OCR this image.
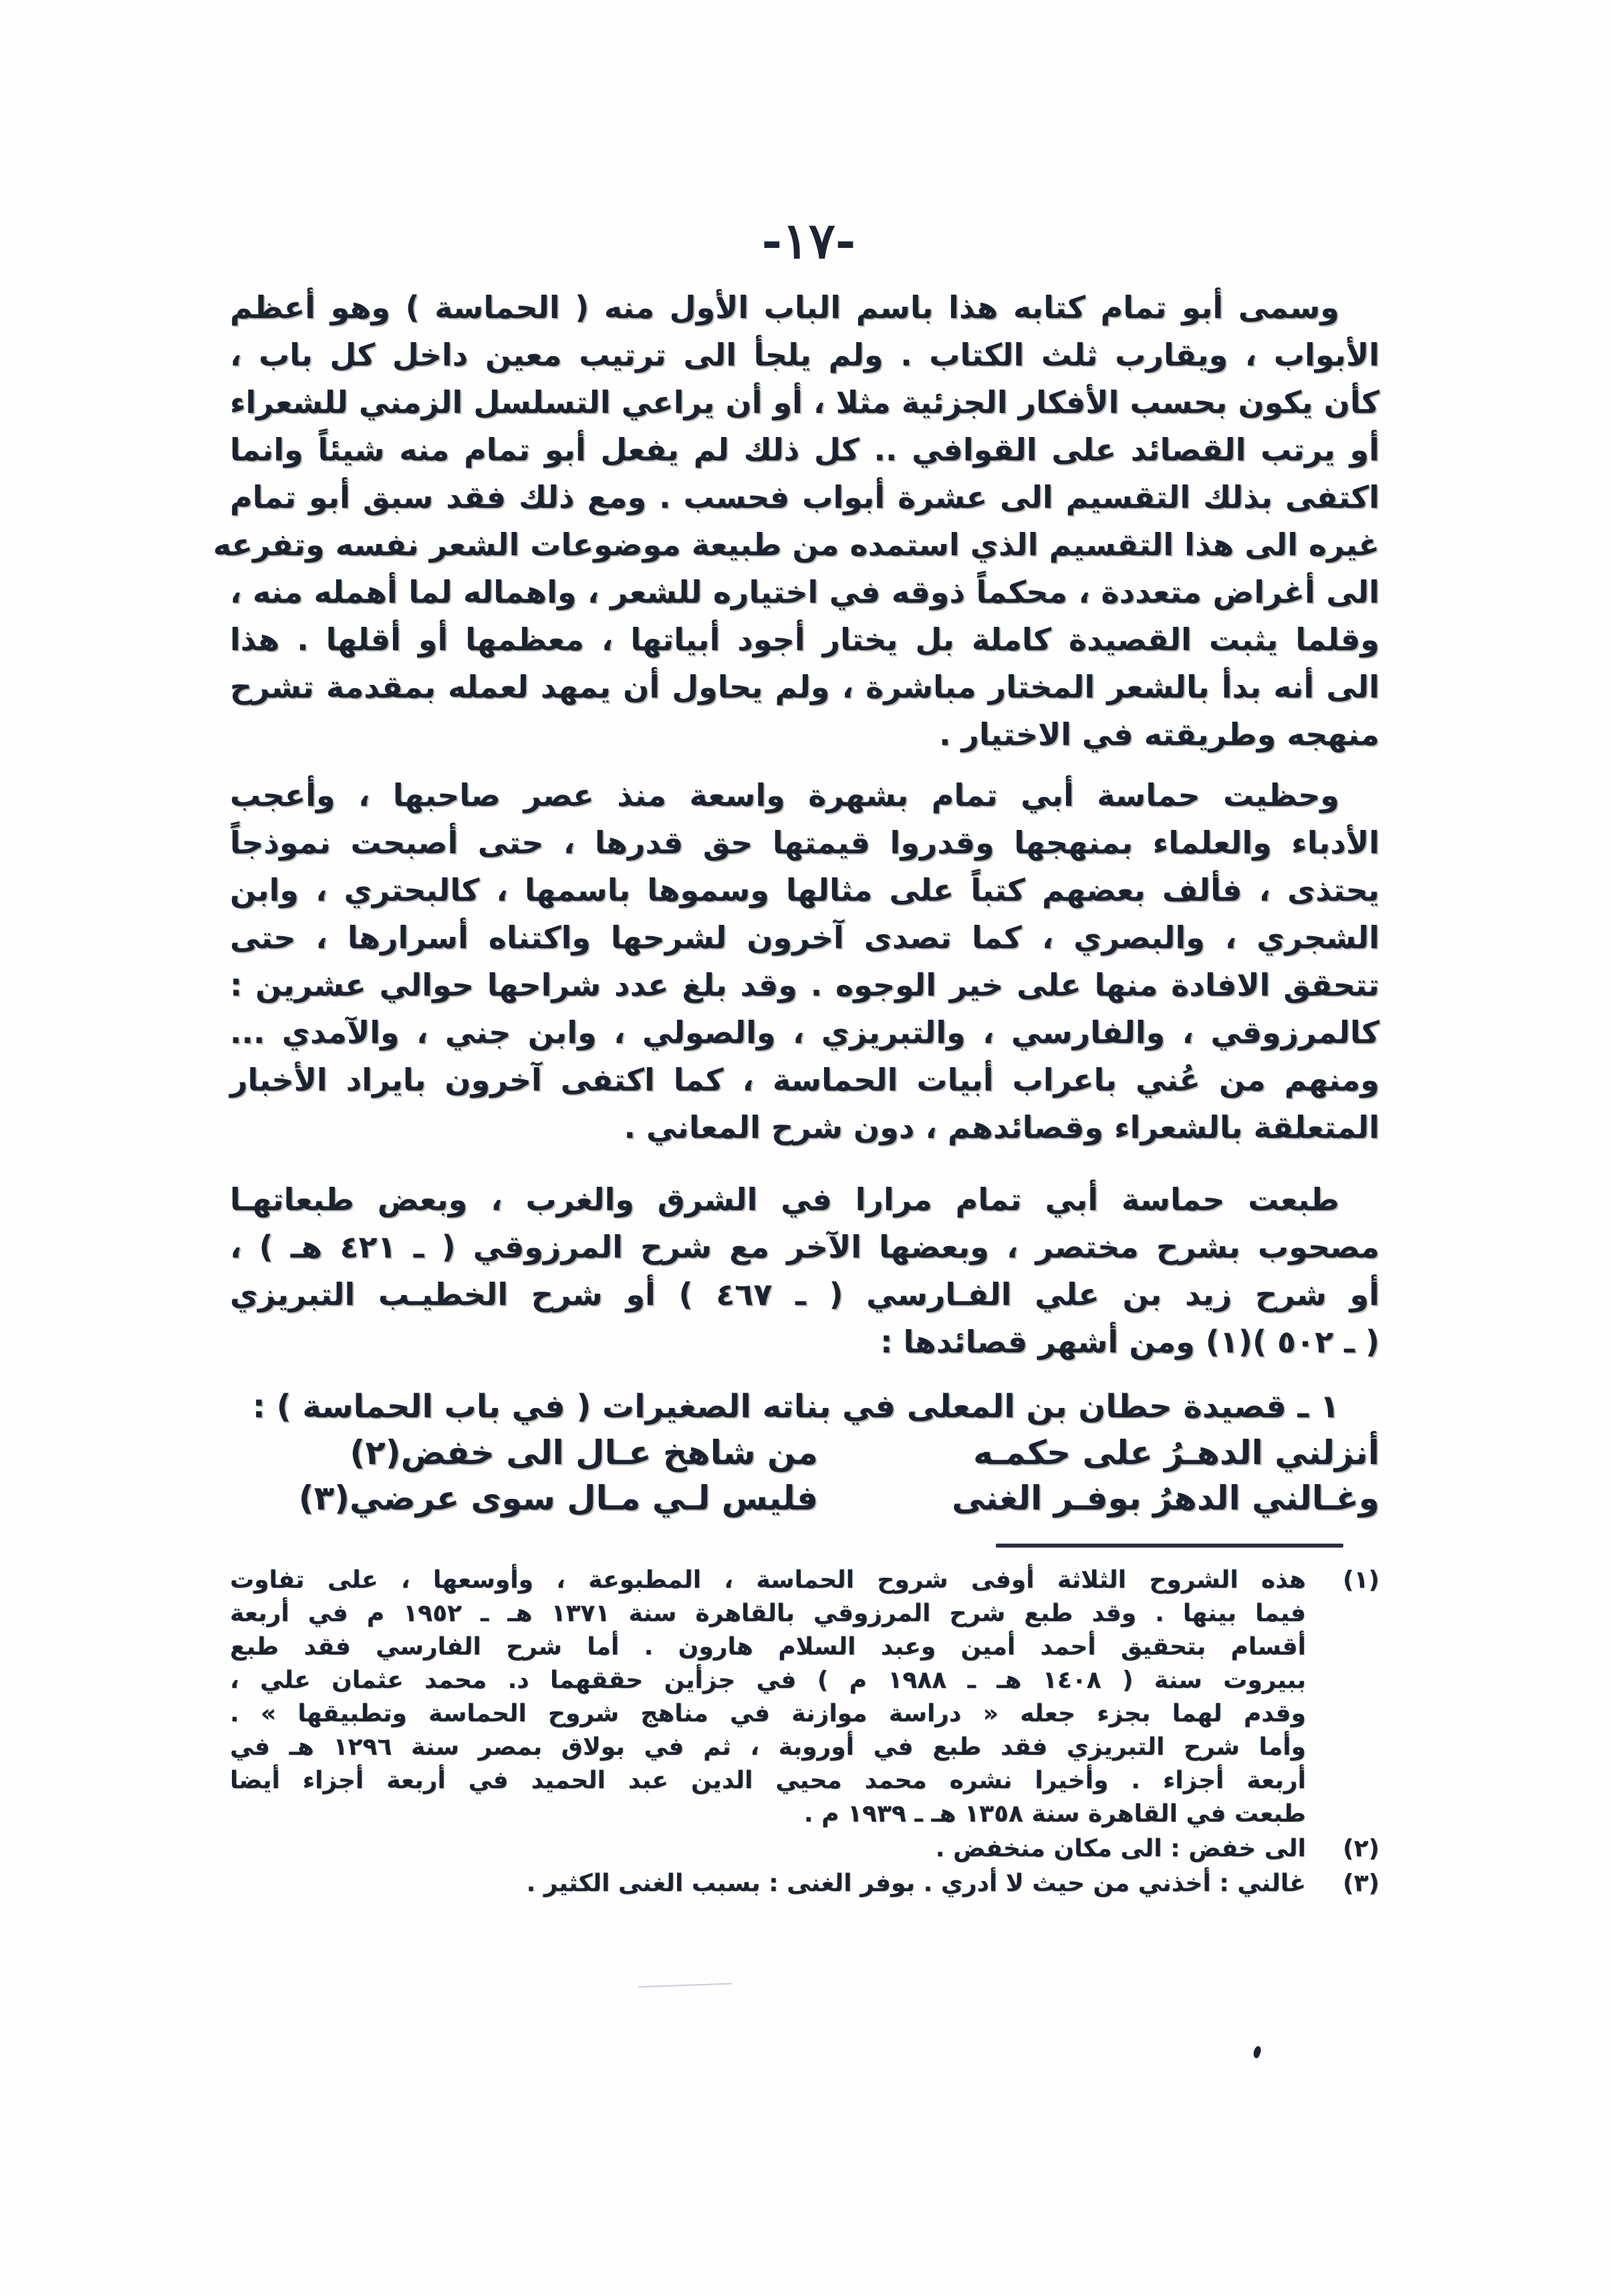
-١٧-
وسمى أبو تمام كتابه هذا باسم الباب الأول منه ( الحماسة ) وهو أعظم
الأبواب ، ويقارب ثلث الكتاب . ولم يلجأ الى ترتيب معين داخل كل باب ،
كأن يكون بحسب الأفكار الجزئية مثلا ، أو أن يراعي التسلسل الزمني للشعراء
أو يرتب القصائد على القوافي .. كل ذلك لم يفعل أبو تمام منه شيئاً وانما
اكتفى بذلك التقسيم الى عشرة أبواب فحسب . ومع ذلك فقد سبق أبو تمام
غيره الى هذا التقسيم الذي استمده من طبيعة موضوعات الشعر نفسه وتفرعه
الى أغراض متعددة ، محكماً ذوقه في اختياره للشعر ، واهماله لما أهمله منه ،
وقلما يثبت القصيدة كاملة بل يختار أجود أبياتها ، معظمها أو أقلها . هذا
الى أنه بدأ بالشعر المختار مباشرة ، ولم يحاول أن يمهد لعمله بمقدمة تشرح
منهجه وطريقته في الاختيار .
وحظيت حماسة أبي تمام بشهرة واسعة منذ عصر صاحبها ، وأعجب
الأدباء والعلماء بمنهجها وقدروا قيمتها حق قدرها ، حتى أصبحت نموذجاً
يحتذى ، فألف بعضهم كتباً على مثالها وسموها باسمها ، كالبحتري ، وابن
الشجري ، والبصري ، كما تصدى آخرون لشرحها واكتناه أسرارها ، حتى
تتحقق الافادة منها على خير الوجوه . وقد بلغ عدد شراحها حوالي عشرين :
كالمرزوقي ، والفارسي ، والتبريزي ، والصولي ، وابن جني ، والآمدي ...
ومنهم من عُني باعراب أبيات الحماسة ، كما اكتفى آخرون بايراد الأخبار
المتعلقة بالشعراء وقصائدهم ، دون شرح المعاني .
طبعت حماسة أبي تمام مرارا في الشرق والغرب ، وبعض طبعاتهـا
مصحوب بشرح مختصر ، وبعضها الآخر مع شرح المرزوقي ( ـ ٤٢١ هـ ) ،
أو شرح زيد بن علي الفـارسي ( ـ ٤٦٧ ) أو شرح الخطيـب التبريزي
( ـ ٥٠٢ )(١) ومن أشهر قصائدها :
١ ـ قصيدة حطان بن المعلى في بناته الصغيرات ( في باب الحماسة ) :
أنزلني الدهـرُ على حكمـه
من شاهخ عـال الى خفض(٢)
وغـالني الدهرُ بوفـر الغنى
فليس لـي مـال سوى عرضي(٣)
(١)
هذه الشروح الثلاثة أوفى شروح الحماسة ، المطبوعة ، وأوسعها ، على تفاوت
فيما بينها . وقد طبع شرح المرزوقي بالقاهرة سنة ١٣٧١ هـ ـ ١٩٥٢ م في أربعة
أقسام بتحقيق أحمد أمين وعبد السلام هارون . أما شرح الفارسي فقد طبع
ببيروت سنة ( ١٤٠٨ هـ ـ ١٩٨٨ م ) في جزأين حققهما د. محمد عثمان علي ،
وقدم لهما بجزء جعله « دراسة موازنة في مناهج شروح الحماسة وتطبيقها » .
وأما شرح التبريزي فقد طبع في أوروبة ، ثم في بولاق بمصر سنة ١٢٩٦ هـ في
أربعة أجزاء . وأخيرا نشره محمد محيي الدين عبد الحميد في أربعة أجزاء أيضا
طبعت في القاهرة سنة ١٣٥٨ هـ ـ ١٩٣٩ م .
(٢)
الى خفض : الى مكان منخفض .
(٣)
غالني : أخذني من حيث لا أدري . بوفر الغنى : بسبب الغنى الكثير .
